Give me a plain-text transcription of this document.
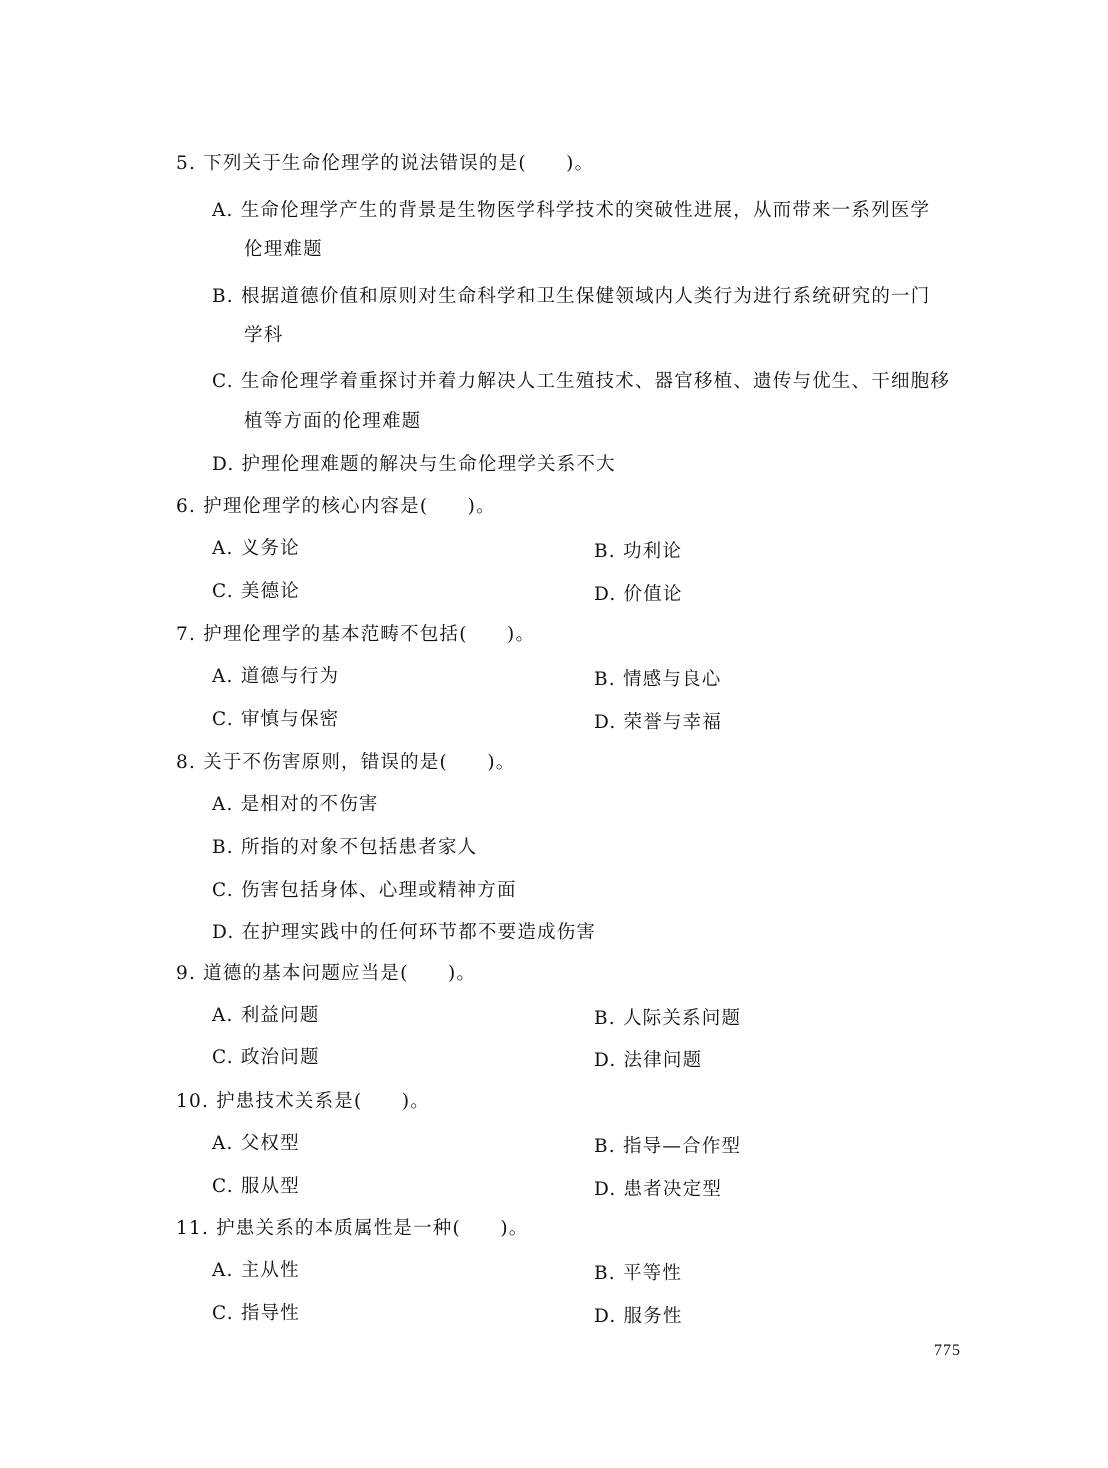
5. 下列关于生命伦理学的说法错误的是(　　)。
A. 生命伦理学产生的背景是生物医学科学技术的突破性进展，从而带来一系列医学
伦理难题
B. 根据道德价值和原则对生命科学和卫生保健领域内人类行为进行系统研究的一门
学科
C. 生命伦理学着重探讨并着力解决人工生殖技术、器官移植、遗传与优生、干细胞移
植等方面的伦理难题
D. 护理伦理难题的解决与生命伦理学关系不大
6. 护理伦理学的核心内容是(　　)。
A. 义务论	B. 功利论
C. 美德论	D. 价值论
7. 护理伦理学的基本范畴不包括(　　)。
A. 道德与行为	B. 情感与良心
C. 审慎与保密	D. 荣誉与幸福
8. 关于不伤害原则，错误的是(　　)。
A. 是相对的不伤害
B. 所指的对象不包括患者家人
C. 伤害包括身体、心理或精神方面
D. 在护理实践中的任何环节都不要造成伤害
9. 道德的基本问题应当是(　　)。
A. 利益问题	B. 人际关系问题
C. 政治问题	D. 法律问题
10. 护患技术关系是(　　)。
A. 父权型	B. 指导—合作型
C. 服从型	D. 患者决定型
11. 护患关系的本质属性是一种(　　)。
A. 主从性	B. 平等性
C. 指导性	D. 服务性
775
